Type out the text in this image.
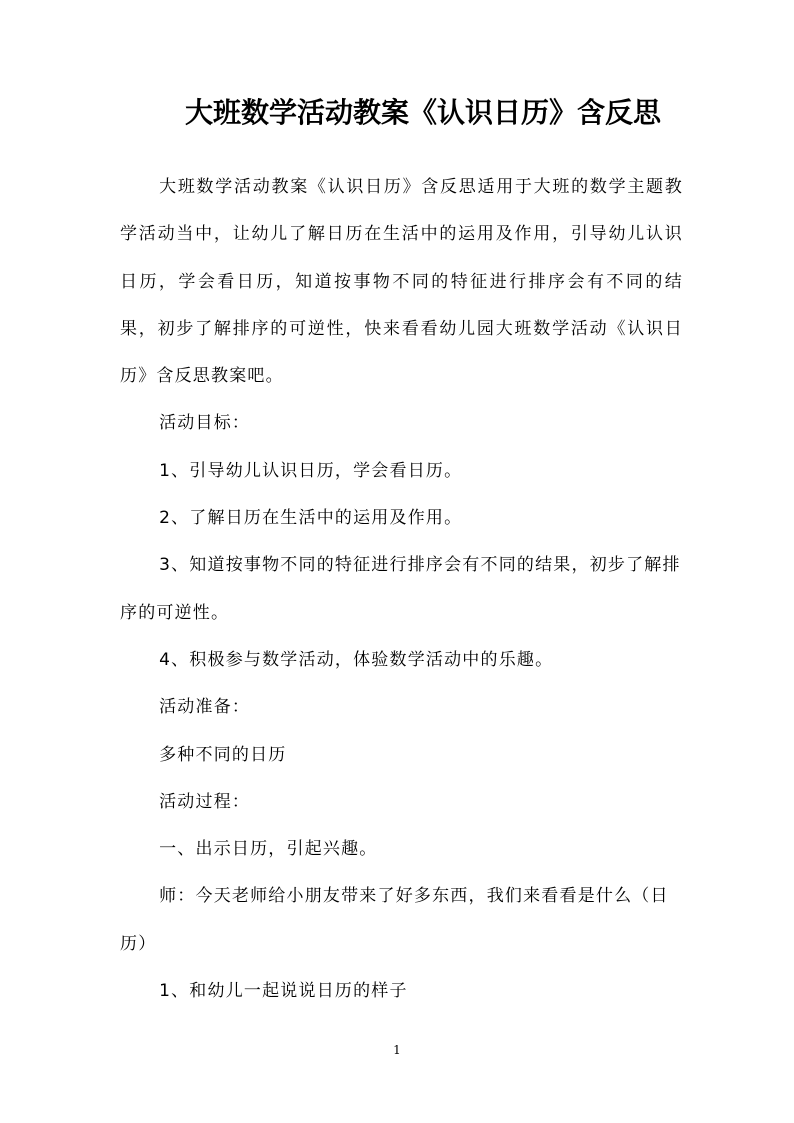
大班数学活动教案《认识日历》含反思

大班数学活动教案《认识日历》含反思适用于大班的数学主题教学活动当中，让幼儿了解日历在生活中的运用及作用，引导幼儿认识日历，学会看日历，知道按事物不同的特征进行排序会有不同的结果，初步了解排序的可逆性，快来看看幼儿园大班数学活动《认识日历》含反思教案吧。

活动目标：

1、引导幼儿认识日历，学会看日历。

2、了解日历在生活中的运用及作用。

3、知道按事物不同的特征进行排序会有不同的结果，初步了解排序的可逆性。

4、积极参与数学活动，体验数学活动中的乐趣。

活动准备：

多种不同的日历

活动过程：

一、出示日历，引起兴趣。

师：今天老师给小朋友带来了好多东西，我们来看看是什么（日历）

1、和幼儿一起说说日历的样子

1
